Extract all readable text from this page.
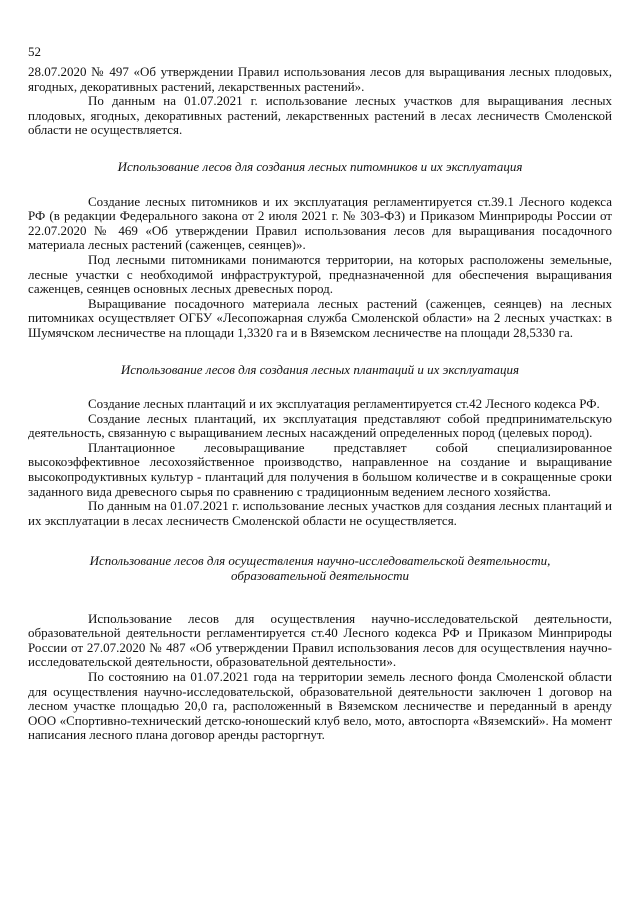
52

28.07.2020 № 497 «Об утверждении Правил использования лесов для выращивания лесных плодовых, ягодных, декоративных растений, лекарственных растений».

По данным на 01.07.2021 г. использование лесных участков для выращивания лесных плодовых, ягодных, декоративных растений, лекарственных растений в лесах лесничеств Смоленской области не осуществляется.

Использование лесов для создания лесных питомников и их эксплуатация

Создание лесных питомников и их эксплуатация регламентируется ст.39.1 Лесного кодекса РФ (в редакции Федерального закона от 2 июля 2021 г. № 303-ФЗ) и Приказом Минприроды России от 22.07.2020 № 469 «Об утверждении Правил использования лесов для выращивания посадочного материала лесных растений (саженцев, сеянцев)».

Под лесными питомниками понимаются территории, на которых расположены земельные, лесные участки с необходимой инфраструктурой, предназначенной для обеспечения выращивания саженцев, сеянцев основных лесных древесных пород.

Выращивание посадочного материала лесных растений (саженцев, сеянцев) на лесных питомниках осуществляет ОГБУ «Лесопожарная служба Смоленской области» на 2 лесных участках: в Шумячском лесничестве на площади 1,3320 га и в Вяземском лесничестве на площади 28,5330 га.

Использование лесов для создания лесных плантаций и их эксплуатация

Создание лесных плантаций и их эксплуатация регламентируется ст.42 Лесного кодекса РФ.

Создание лесных плантаций, их эксплуатация представляют собой предпринимательскую деятельность, связанную с выращиванием лесных насаждений определенных пород (целевых пород).

Плантационное лесовыращивание представляет собой специализированное высокоэффективное лесохозяйственное производство, направленное на создание и выращивание высокопродуктивных культур - плантаций для получения в большом количестве и в сокращенные сроки заданного вида древесного сырья по сравнению с традиционным ведением лесного хозяйства.

По данным на 01.07.2021 г. использование лесных участков для создания лесных плантаций и их эксплуатации в лесах лесничеств Смоленской области не осуществляется.

Использование лесов для осуществления научно-исследовательской деятельности,
образовательной деятельности

Использование лесов для осуществления научно-исследовательской деятельности, образовательной деятельности регламентируется ст.40 Лесного кодекса РФ и Приказом Минприроды России от 27.07.2020 № 487 «Об утверждении Правил использования лесов для осуществления научно-исследовательской деятельности, образовательной деятельности».

По состоянию на 01.07.2021 года на территории земель лесного фонда Смоленской области для осуществления научно-исследовательской, образовательной деятельности заключен 1 договор на лесном участке площадью 20,0 га, расположенный в Вяземском лесничестве и переданный в аренду ООО «Спортивно-технический детско-юношеский клуб вело, мото, автоспорта «Вяземский». На момент написания лесного плана договор аренды расторгнут.
